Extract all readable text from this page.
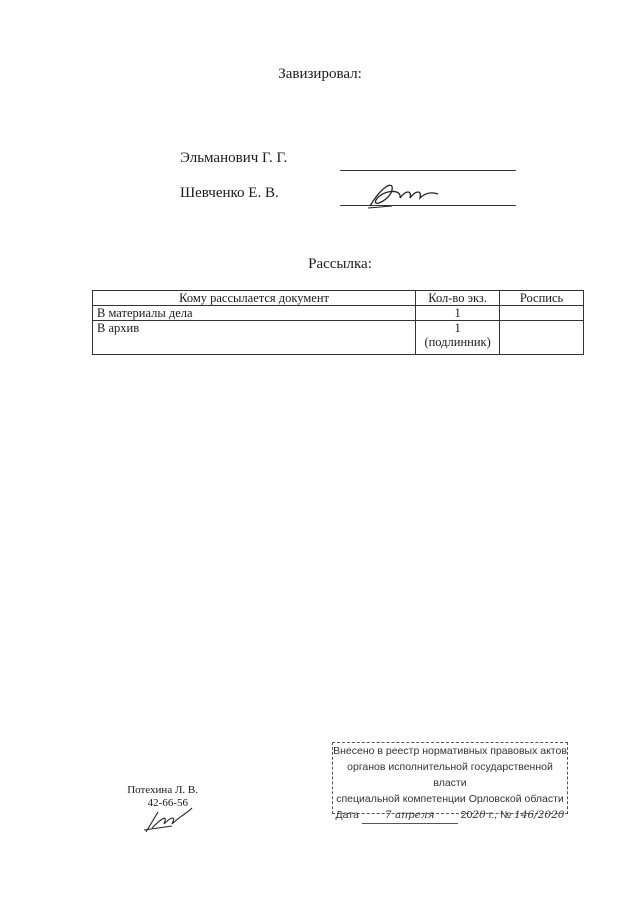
Завизировал:
Эльманович Г. Г.
Шевченко Е. В.
Рассылка:
Кому рассылается документ	Кол-во экз.	Роспись
В материалы дела	1	
В архив	1
(подлинник)	

Потехина Л. В.
42-66-56
Внесено в реестр нормативных правовых актов
органов исполнительной государственной власти
специальной компетенции Орловской области
Дата 7 апреля 2020 г., № 146/2020
